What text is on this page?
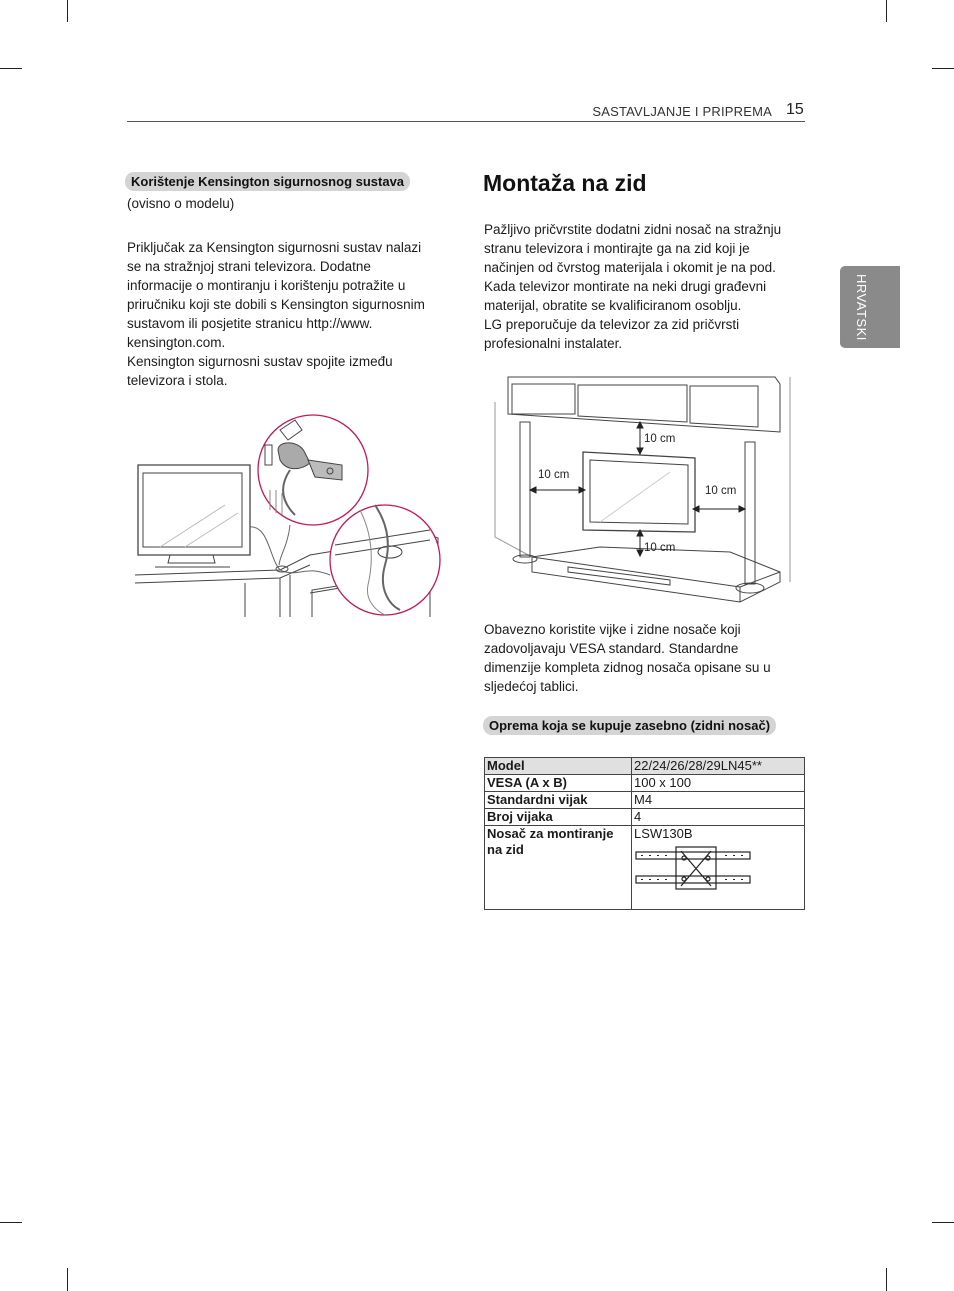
SASTAVLJANJE I PRIPREMA 15
HRVATSKI
Korištenje Kensington sigurnosnog sustava
(ovisno o modelu)

Priključak za Kensington sigurnosni sustav nalazi

se na stražnjoj strani televizora. Dodatne

informacije o montiranju i korištenju potražite u

priručniku koji ste dobili s Kensington sigurnosnim

sustavom ili posjetite stranicu http://www.

kensington.com.

Kensington sigurnosni sustav spojite između

televizora i stola.

Montaža na zid

Pažljivo pričvrstite dodatni zidni nosač na stražnju

stranu televizora i montirajte ga na zid koji je

načinjen od čvrstog materijala i okomit je na pod.

Kada televizor montirate na neki drugi građevni

materijal, obratite se kvalificiranom osoblju.

LG preporučuje da televizor za zid pričvrsti

profesionalni instalater.

10 cm
10 cm
10 cm
10 cm

Obavezno koristite vijke i zidne nosače koji

zadovoljavaju VESA standard. Standardne

dimenzije kompleta zidnog nosača opisane su u

sljedećoj tablici.

Oprema koja se kupuje zasebno (zidni nosač)
Model	22/24/26/28/29LN45**
VESA (A x B)	100 x 100
Standardni vijak	M4
Broj vijaka	4
Nosač za montiranje na zid	LSW130B
